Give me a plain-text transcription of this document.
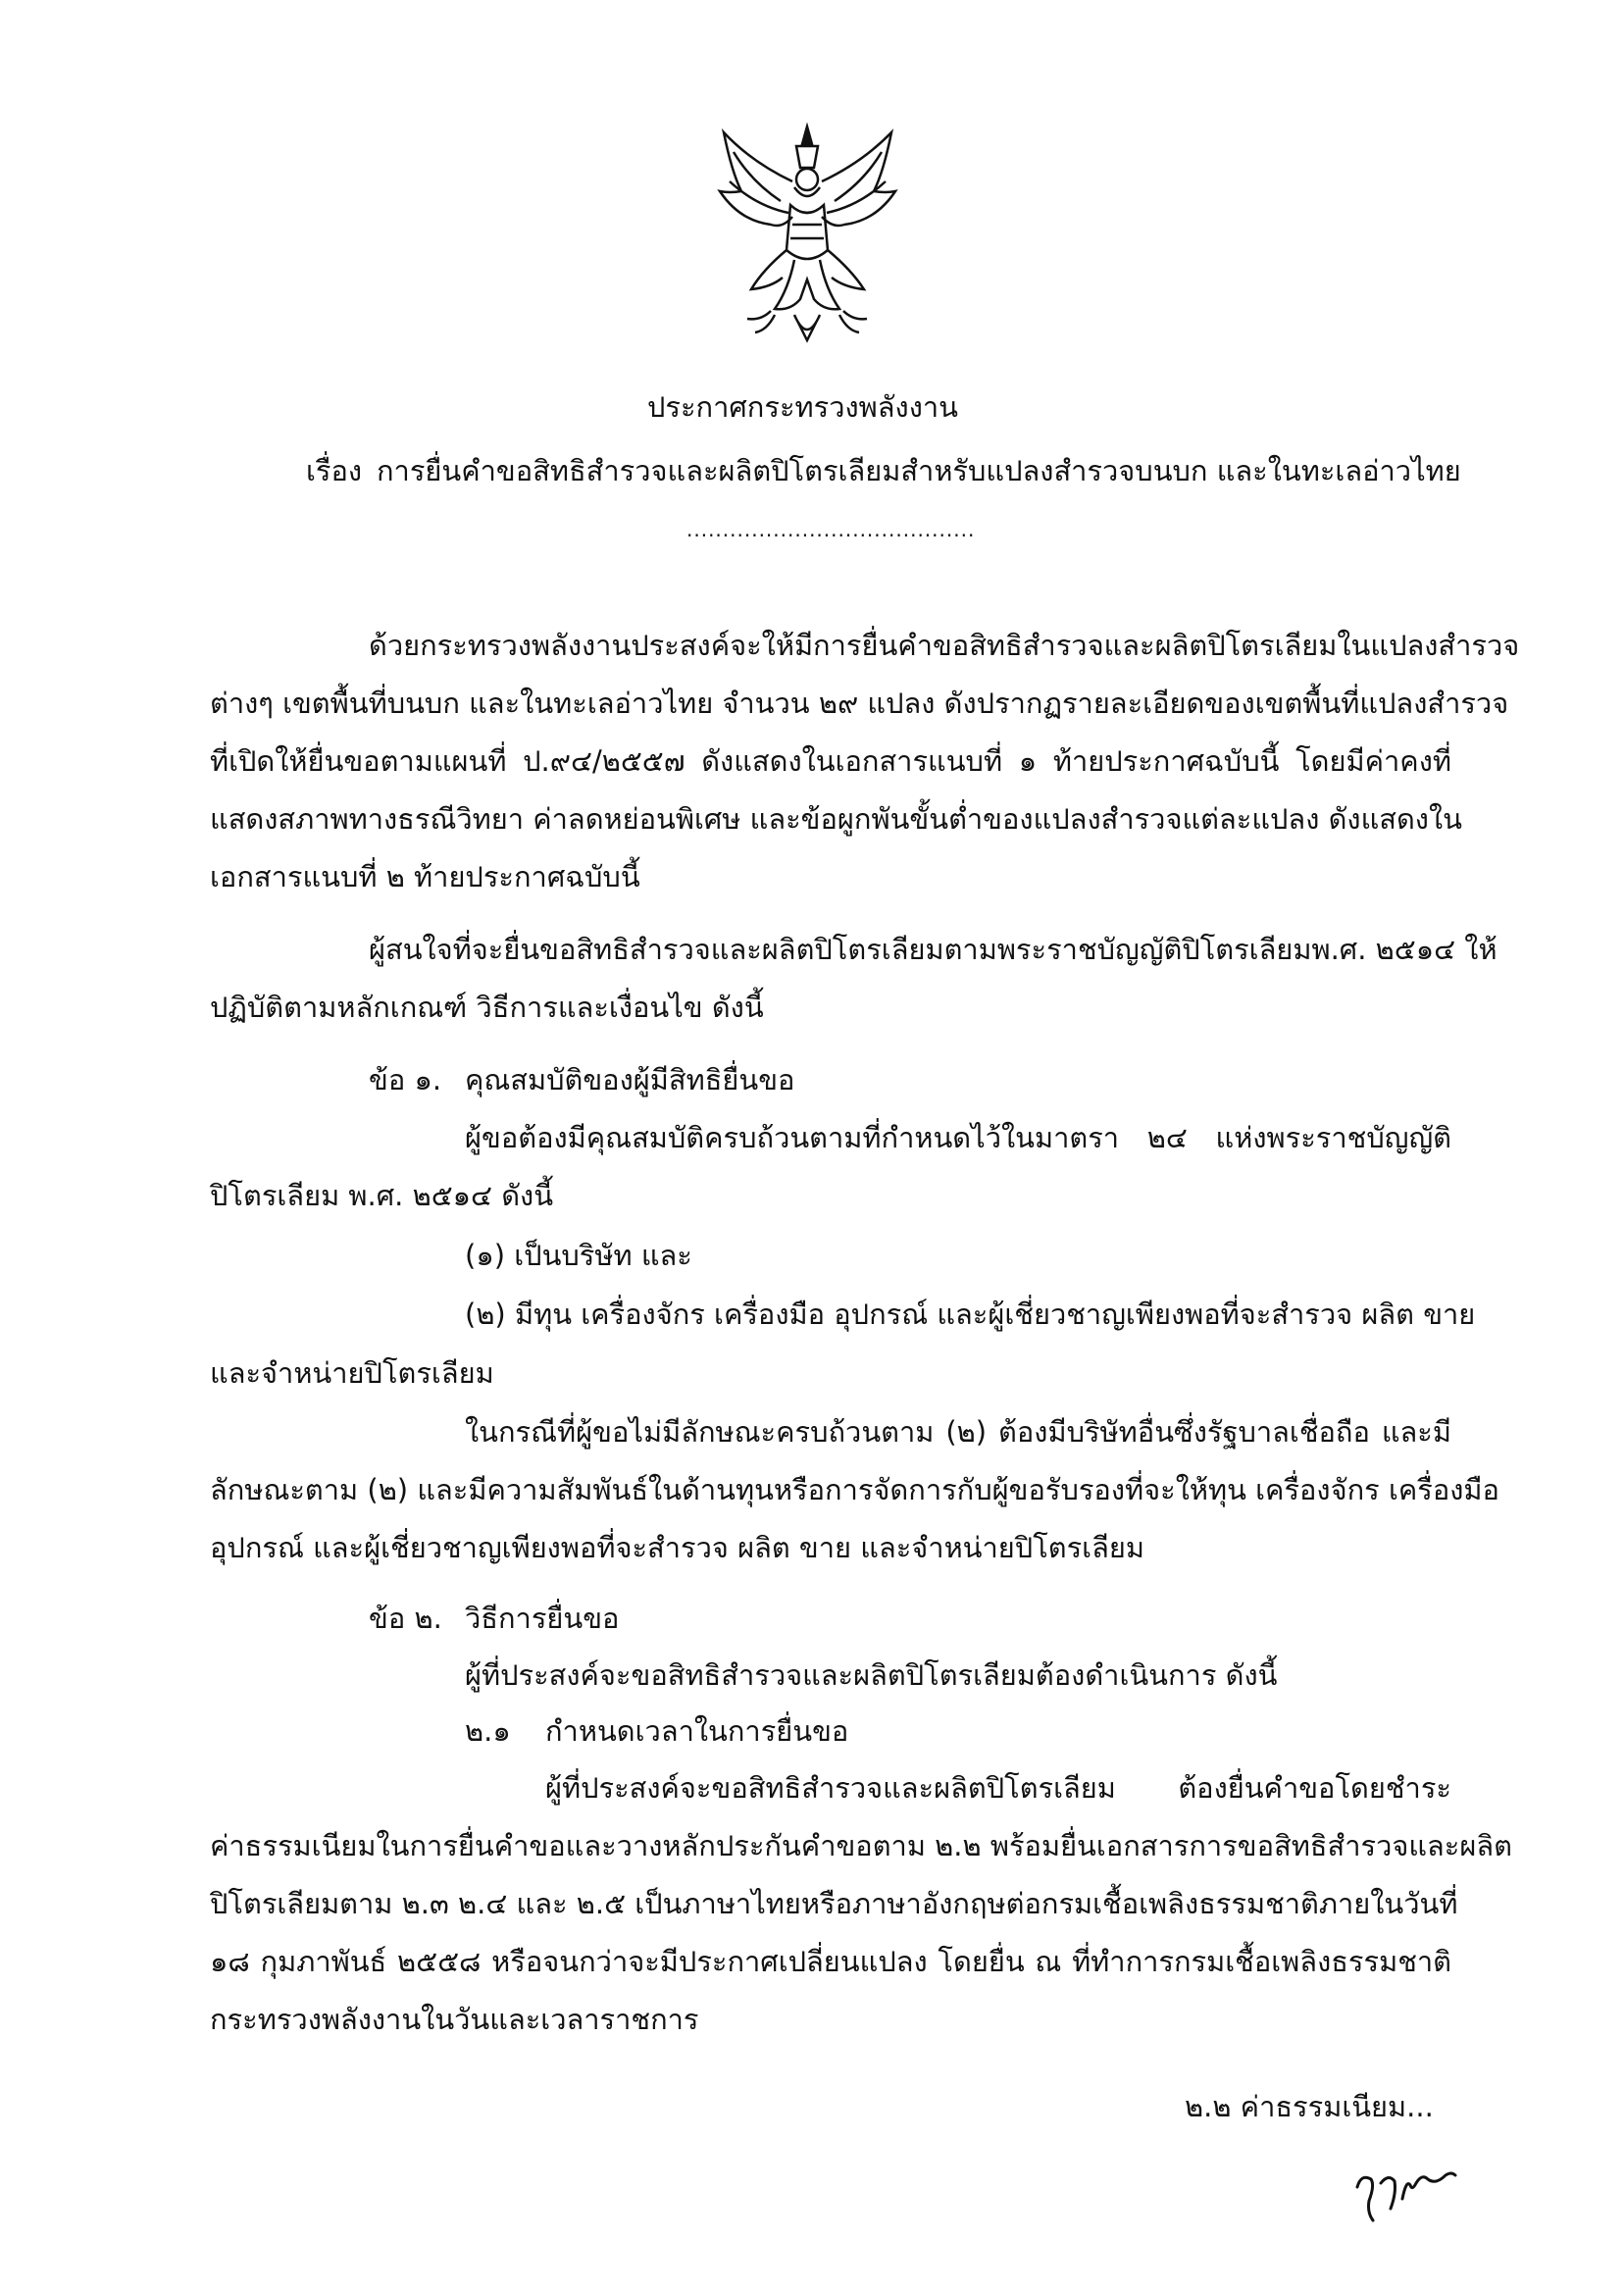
ประกาศกระทรวงพลังงาน
เรื่อง การยื่นคำขอสิทธิสำรวจและผลิตปิโตรเลียมสำหรับแปลงสำรวจบนบก และในทะเลอ่าวไทย
........................................
ด้วยกระทรวงพลังงานประสงค์จะให้มีการยื่นคำขอสิทธิสำรวจและผลิตปิโตรเลียมในแปลงสำรวจ
ต่างๆ เขตพื้นที่บนบก และในทะเลอ่าวไทย จำนวน ๒๙ แปลง ดังปรากฏรายละเอียดของเขตพื้นที่แปลงสำรวจ
ที่เปิดให้ยื่นขอตามแผนที่ ป.๙๔/๒๕๕๗ ดังแสดงในเอกสารแนบที่ ๑ ท้ายประกาศฉบับนี้ โดยมีค่าคงที่
แสดงสภาพทางธรณีวิทยา ค่าลดหย่อนพิเศษ และข้อผูกพันขั้นต่ำของแปลงสำรวจแต่ละแปลง ดังแสดงใน
เอกสารแนบที่ ๒ ท้ายประกาศฉบับนี้
ผู้สนใจที่จะยื่นขอสิทธิสำรวจและผลิตปิโตรเลียมตามพระราชบัญญัติปิโตรเลียมพ.ศ. ๒๕๑๔ ให้
ปฏิบัติตามหลักเกณฑ์ วิธีการและเงื่อนไข ดังนี้
ข้อ ๑. คุณสมบัติของผู้มีสิทธิยื่นขอ
ผู้ขอต้องมีคุณสมบัติครบถ้วนตามที่กำหนดไว้ในมาตรา ๒๔ แห่งพระราชบัญญัติ
ปิโตรเลียม พ.ศ. ๒๕๑๔ ดังนี้
(๑) เป็นบริษัท และ
(๒) มีทุน เครื่องจักร เครื่องมือ อุปกรณ์ และผู้เชี่ยวชาญเพียงพอที่จะสำรวจ ผลิต ขาย
และจำหน่ายปิโตรเลียม
ในกรณีที่ผู้ขอไม่มีลักษณะครบถ้วนตาม (๒) ต้องมีบริษัทอื่นซึ่งรัฐบาลเชื่อถือ และมี
ลักษณะตาม (๒) และมีความสัมพันธ์ในด้านทุนหรือการจัดการกับผู้ขอรับรองที่จะให้ทุน เครื่องจักร เครื่องมือ
อุปกรณ์ และผู้เชี่ยวชาญเพียงพอที่จะสำรวจ ผลิต ขาย และจำหน่ายปิโตรเลียม
ข้อ ๒. วิธีการยื่นขอ
ผู้ที่ประสงค์จะขอสิทธิสำรวจและผลิตปิโตรเลียมต้องดำเนินการ ดังนี้
๒.๑ กำหนดเวลาในการยื่นขอ
ผู้ที่ประสงค์จะขอสิทธิสำรวจและผลิตปิโตรเลียม ต้องยื่นคำขอโดยชำระ
ค่าธรรมเนียมในการยื่นคำขอและวางหลักประกันคำขอตาม ๒.๒ พร้อมยื่นเอกสารการขอสิทธิสำรวจและผลิต
ปิโตรเลียมตาม ๒.๓ ๒.๔ และ ๒.๕ เป็นภาษาไทยหรือภาษาอังกฤษต่อกรมเชื้อเพลิงธรรมชาติภายในวันที่
๑๘ กุมภาพันธ์ ๒๕๕๘ หรือจนกว่าจะมีประกาศเปลี่ยนแปลง โดยยื่น ณ ที่ทำการกรมเชื้อเพลิงธรรมชาติ
กระทรวงพลังงานในวันและเวลาราชการ
๒.๒ ค่าธรรมเนียม...
